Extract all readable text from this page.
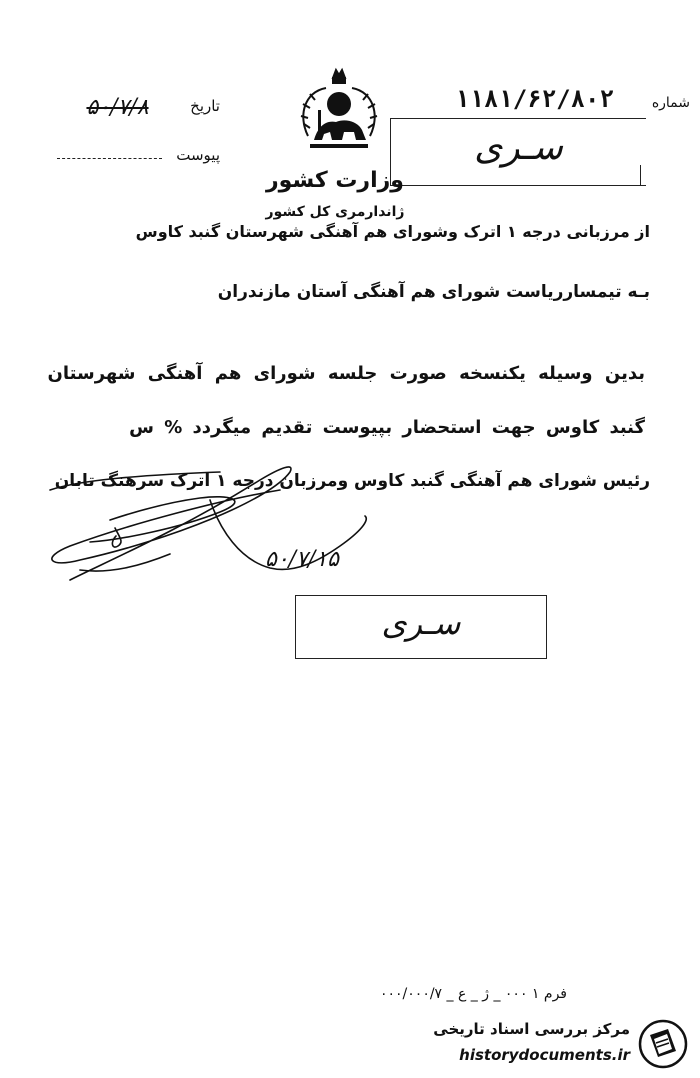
تاریخ
۵۰/۷/۸
پیوست
۱۱۸۱/۶۲/۸۰۲	شماره
سـرى
وزارت کشور
ژاندارمری کل کشور
از مرزبانی درجه ۱ اترک وشورای هم آهنگی شهرستان گنبد کاوس
بـه تیمسارریاست شورای هم آهنگی آستان مازندران
بدین وسیله یکنسخه صورت جلسه شورای هم آهنگی شهرستان
گنبد کاوس جهت استحضار بپیوست تقدیم میگردد % س
رئیس شورای هم آهنگی گنبد کاوس ومرزبان درجه ۱ اترک سرهنگ تابان
۵۰/۷/۱۵
سـرى
فرم ۱ ۰۰۰ _ ژ _ ع _ ۰۰۰/۰۰۰/۷
مرکز بررسی اسناد تاریخی
historydocuments.ir
